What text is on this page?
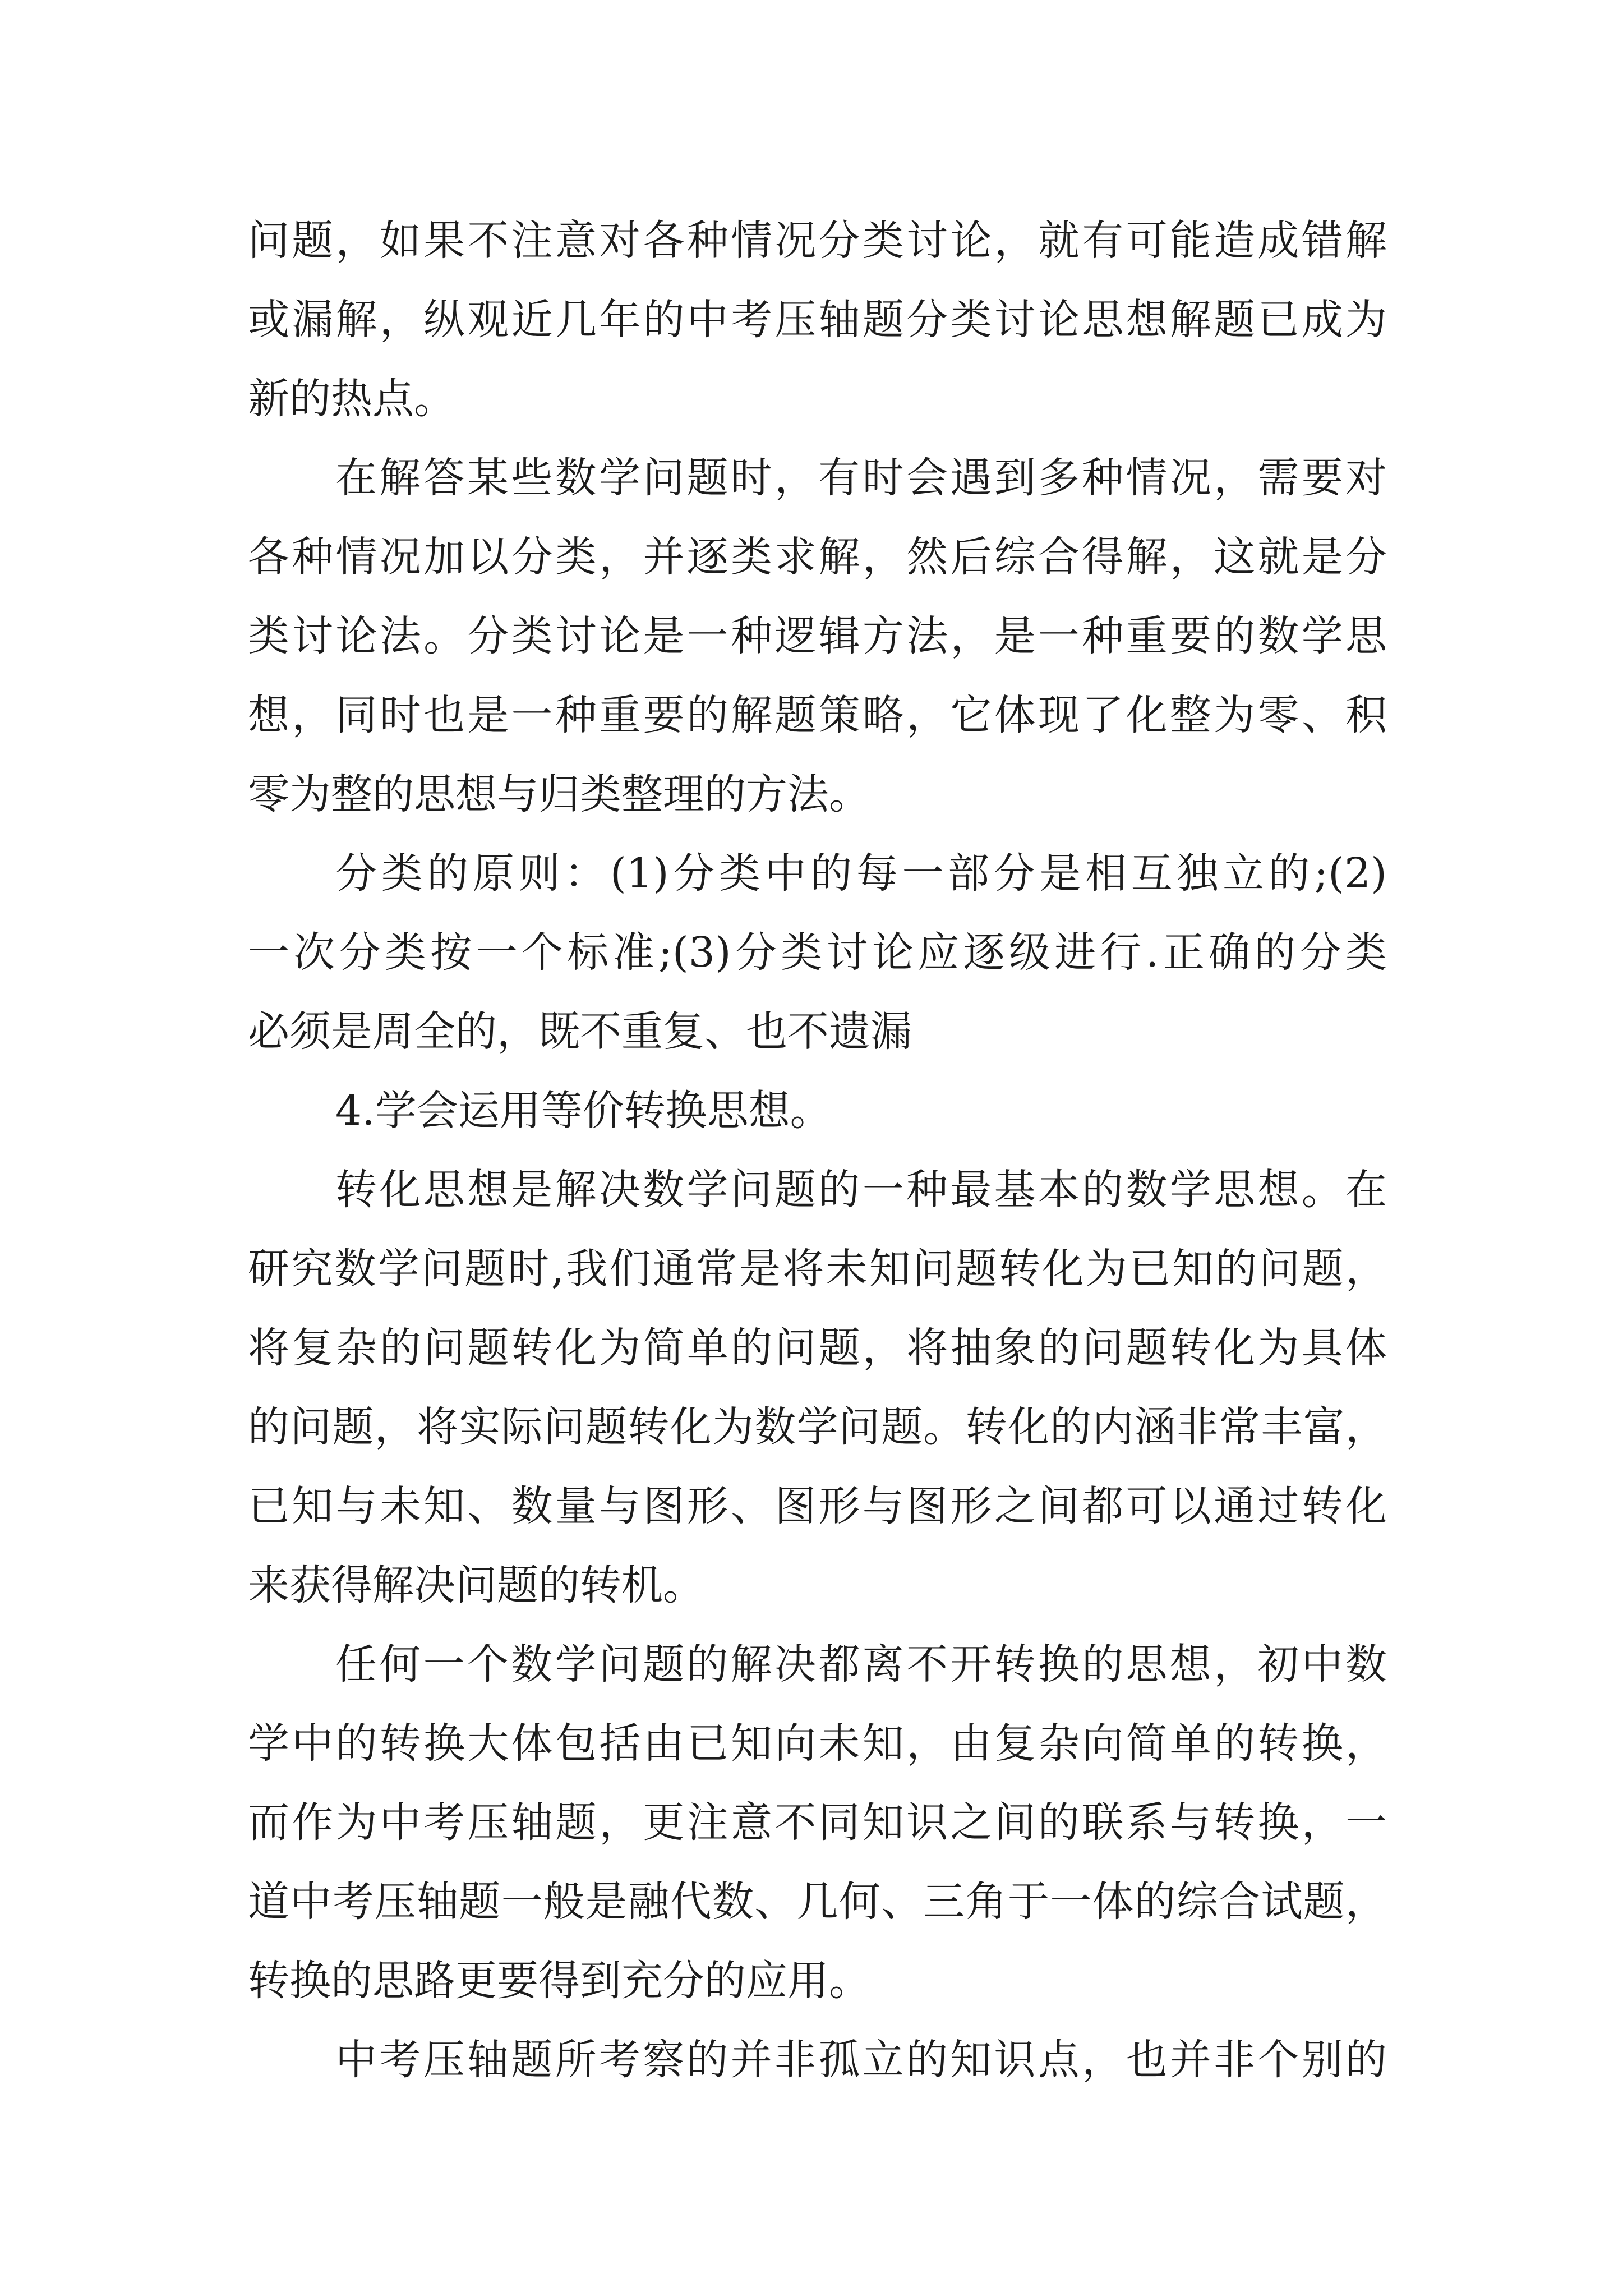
问题，如果不注意对各种情况分类讨论，就有可能造成错解
或漏解，纵观近几年的中考压轴题分类讨论思想解题已成为
新的热点。
在解答某些数学问题时，有时会遇到多种情况，需要对
各种情况加以分类，并逐类求解，然后综合得解，这就是分
类讨论法。分类讨论是一种逻辑方法，是一种重要的数学思
想，同时也是一种重要的解题策略，它体现了化整为零、积
零为整的思想与归类整理的方法。
分类的原则：(1)分类中的每一部分是相互独立的;(2)
一次分类按一个标准;(3)分类讨论应逐级进行.正确的分类
必须是周全的，既不重复、也不遗漏
4.学会运用等价转换思想。
转化思想是解决数学问题的一种最基本的数学思想。在
研究数学问题时,我们通常是将未知问题转化为已知的问题，
将复杂的问题转化为简单的问题，将抽象的问题转化为具体
的问题，将实际问题转化为数学问题。转化的内涵非常丰富，
已知与未知、数量与图形、图形与图形之间都可以通过转化
来获得解决问题的转机。
任何一个数学问题的解决都离不开转换的思想，初中数
学中的转换大体包括由已知向未知，由复杂向简单的转换，
而作为中考压轴题，更注意不同知识之间的联系与转换，一
道中考压轴题一般是融代数、几何、三角于一体的综合试题，
转换的思路更要得到充分的应用。
中考压轴题所考察的并非孤立的知识点，也并非个别的
